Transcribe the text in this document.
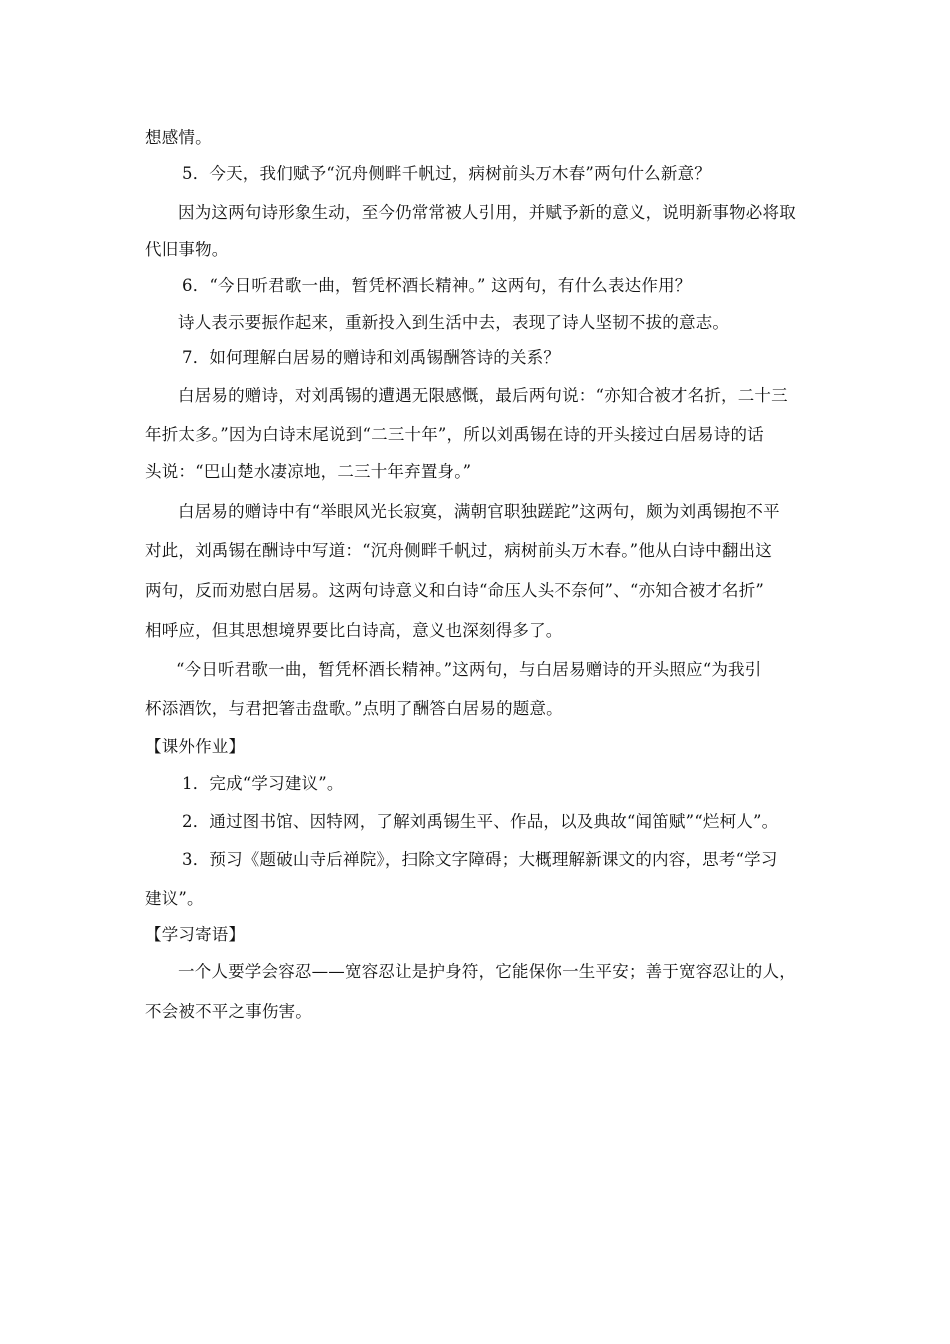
想感情。
5．今天，我们赋予“沉舟侧畔千帆过，病树前头万木春”两句什么新意？
因为这两句诗形象生动，至今仍常常被人引用，并赋予新的意义，说明新事物必将取
代旧事物。
6．“今日听君歌一曲，暂凭杯酒长精神。” 这两句，有什么表达作用？
诗人表示要振作起来，重新投入到生活中去，表现了诗人坚韧不拔的意志。
7．如何理解白居易的赠诗和刘禹锡酬答诗的关系？
白居易的赠诗，对刘禹锡的遭遇无限感慨，最后两句说：“亦知合被才名折，二十三
年折太多。”因为白诗末尾说到“二三十年”，所以刘禹锡在诗的开头接过白居易诗的话
头说：“巴山楚水凄凉地，二三十年弃置身。”
白居易的赠诗中有“举眼风光长寂寞，满朝官职独蹉跎”这两句，颇为刘禹锡抱不平
对此，刘禹锡在酬诗中写道：“沉舟侧畔千帆过，病树前头万木春。”他从白诗中翻出这
两句，反而劝慰白居易。这两句诗意义和白诗“命压人头不奈何”、“亦知合被才名折”
相呼应，但其思想境界要比白诗高，意义也深刻得多了。
“今日听君歌一曲，暂凭杯酒长精神。”这两句，与白居易赠诗的开头照应“为我引
杯添酒饮，与君把箸击盘歌。”点明了酬答白居易的题意。
【课外作业】
1．完成“学习建议”。
2．通过图书馆、因特网，了解刘禹锡生平、作品，以及典故“闻笛赋”“烂柯人”。
3．预习《题破山寺后禅院》，扫除文字障碍；大概理解新课文的内容，思考“学习
建议”。
【学习寄语】
一个人要学会容忍——宽容忍让是护身符，它能保你一生平安；善于宽容忍让的人，
不会被不平之事伤害。
